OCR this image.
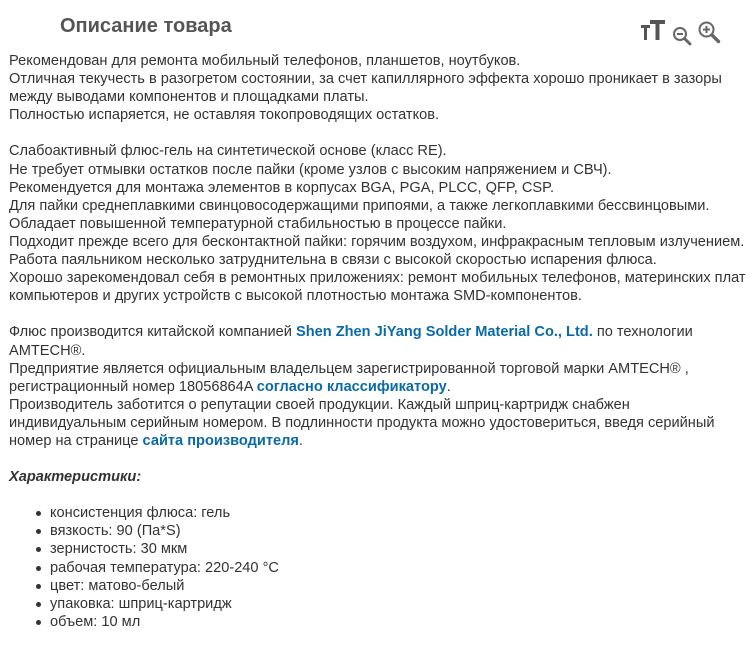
Описание товара

Рекомендован для ремонта мобильный телефонов, планшетов, ноутбуков.

Отличная текучесть в разогретом состоянии, за счет капиллярного эффекта хорошо проникает в зазоры между выводами компонентов и площадками платы.

Полностью испаряется, не оставляя токопроводящих остатков.

Слабоактивный флюс-гель на синтетической основе (класс RE).

Не требует отмывки остатков после пайки (кроме узлов с высоким напряжением и СВЧ).

Рекомендуется для монтажа элементов в корпусах BGA, PGA, PLCC, QFP, CSP.

Для пайки среднеплавкими свинцовосодержащими припоями, а также легкоплавкими бессвинцовыми.

Обладает повышенной температурной стабильностью в процессе пайки.

Подходит прежде всего для бесконтактной пайки: горячим воздухом, инфракрасным тепловым излучением. Работа паяльником несколько затруднительна в связи с высокой скоростью испарения флюса.

Хорошо зарекомендовал себя в ремонтных приложениях: ремонт мобильных телефонов, материнских плат компьютеров и других устройств с высокой плотностью монтажа SMD-компонентов.

Флюс производится китайской компанией Shen Zhen JiYang Solder Material Co., Ltd. по технологии AMTECH®.

Предприятие является официальным владельцем зарегистрированной торговой марки AMTECH® , регистрационный номер 18056864A согласно классификатору.

Производитель заботится о репутации своей продукции. Каждый шприц-картридж снабжен индивидуальным серийным номером. В подлинности продукта можно удостовериться, введя серийный номер на странице сайта производителя.

Характеристики:

консистенция флюса: гель
вязкость: 90 (Па*S)
зернистость: 30 мкм
рабочая температура: 220-240 °С
цвет: матово-белый
упаковка: шприц-картридж
объем: 10 мл
